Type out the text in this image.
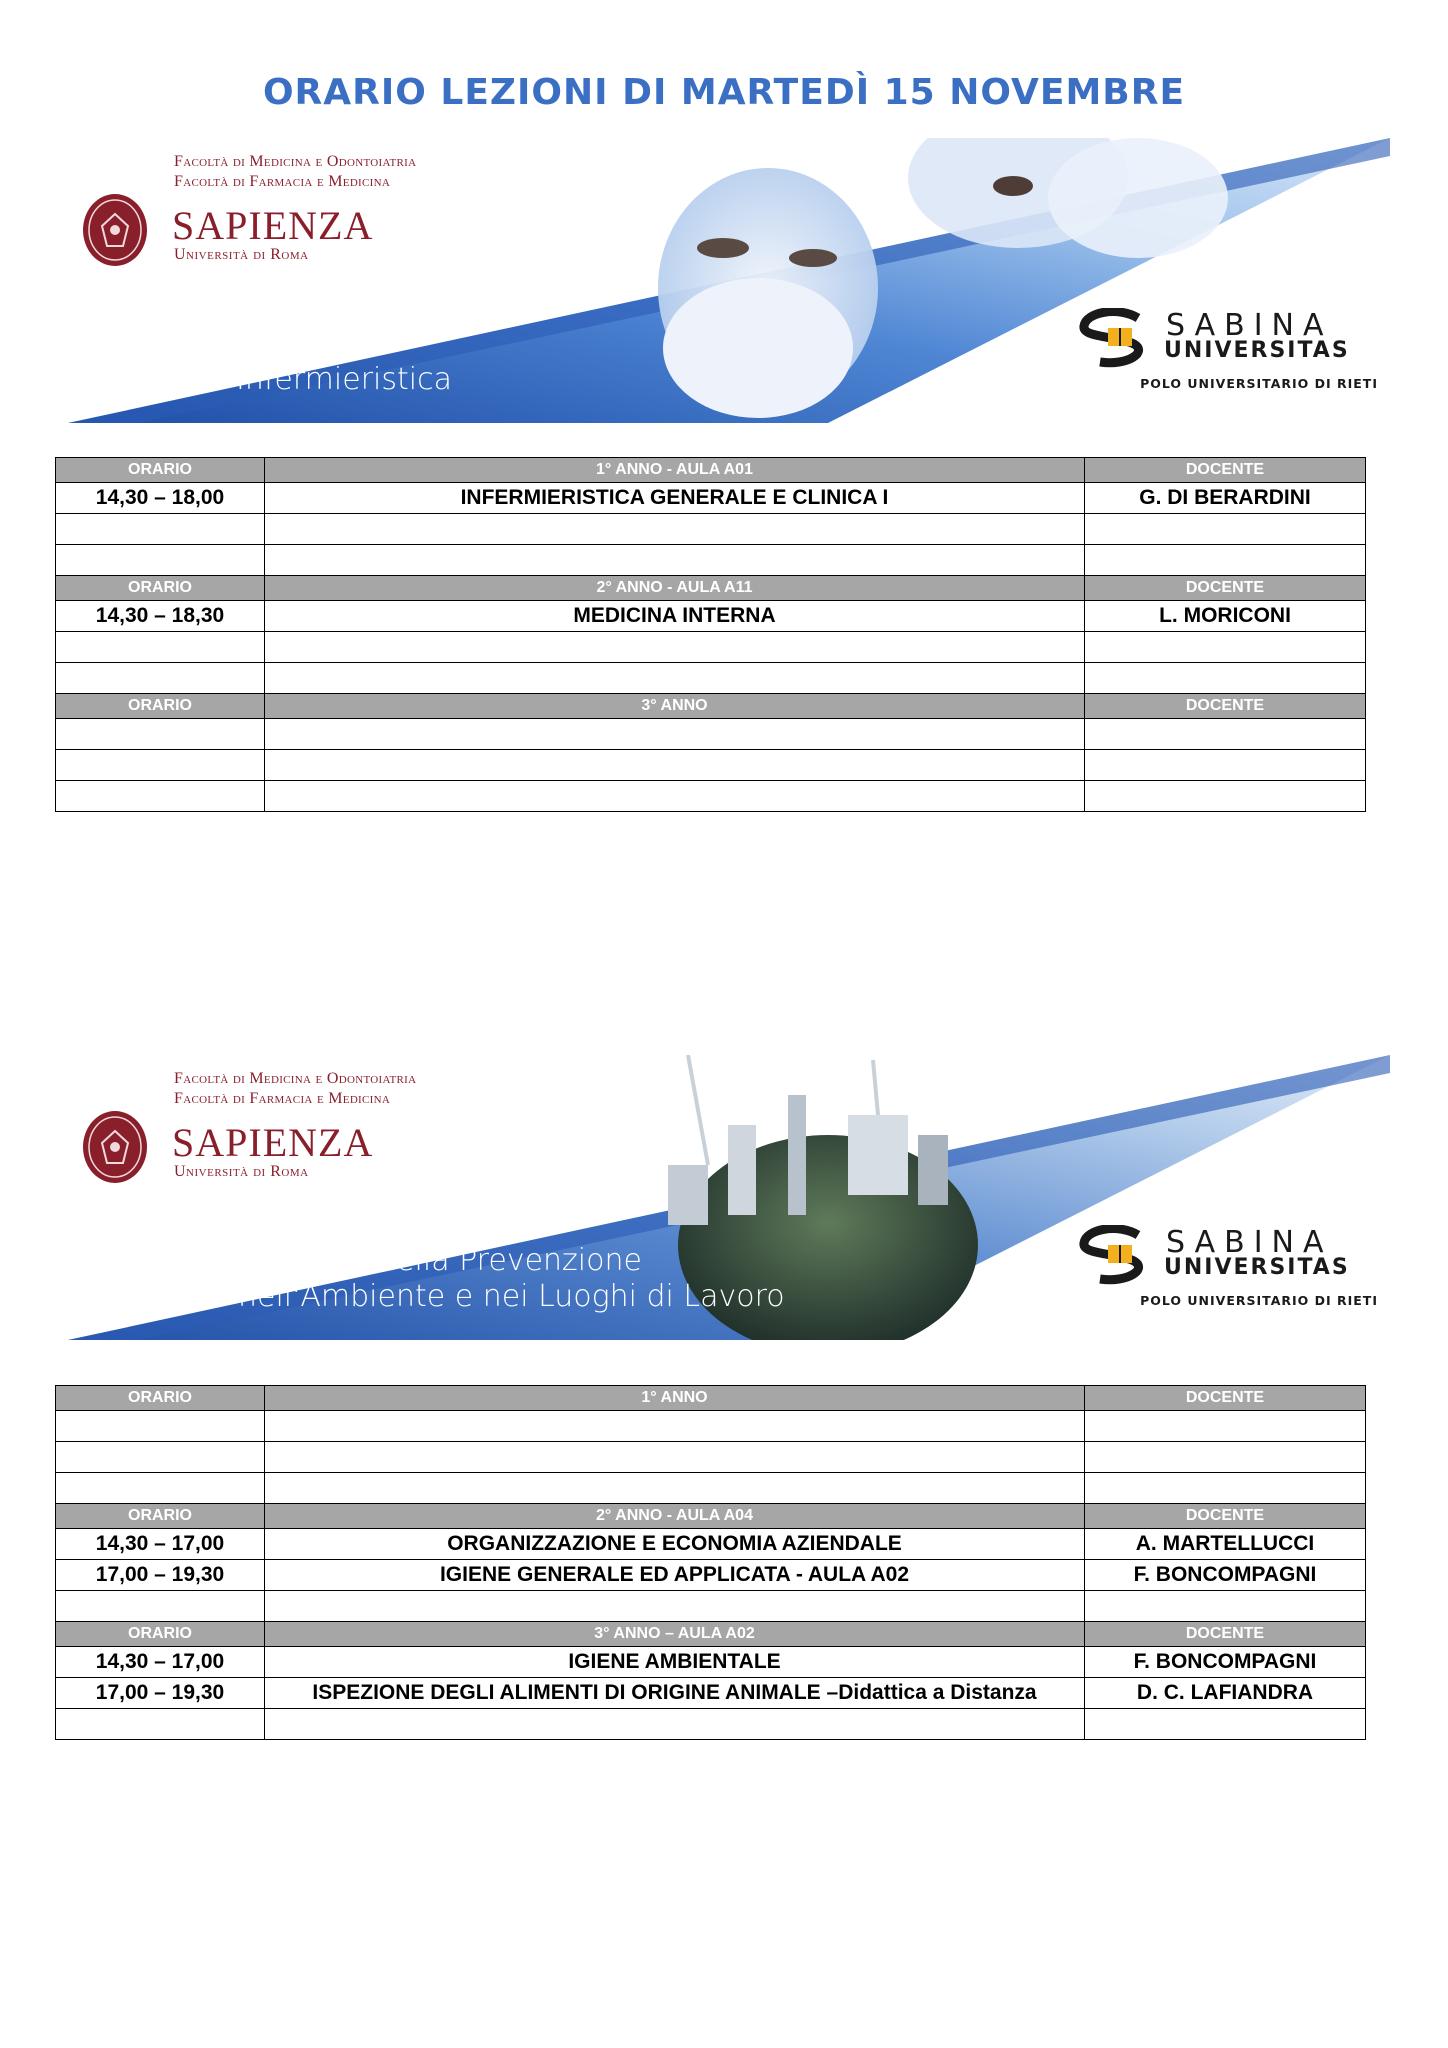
ORARIO LEZIONI DI MARTEDÌ 15 NOVEMBRE
Facoltà di Medicina e Odontoiatria
Facoltà di Farmacia e Medicina
SAPIENZA
Università di Roma
Infermieristica
SABINA
UNIVERSITAS
POLO UNIVERSITARIO DI RIETI
ORARIO	1° ANNO - AULA A01	DOCENTE
14,30 – 18,00	INFERMIERISTICA GENERALE E CLINICA I	G. DI BERARDINI

ORARIO	2° ANNO - AULA A11	DOCENTE
14,30 – 18,30	MEDICINA INTERNA	L. MORICONI

ORARIO	3° ANNO	DOCENTE

Facoltà di Medicina e Odontoiatria
Facoltà di Farmacia e Medicina
SAPIENZA
Università di Roma
Tecniche della Prevenzione
nell'Ambiente e nei Luoghi di Lavoro
SABINA
UNIVERSITAS
POLO UNIVERSITARIO DI RIETI
ORARIO	1° ANNO	DOCENTE

ORARIO	2° ANNO - AULA A04	DOCENTE
14,30 – 17,00	ORGANIZZAZIONE E ECONOMIA AZIENDALE	A. MARTELLUCCI
17,00 – 19,30	IGIENE GENERALE ED APPLICATA - AULA A02	F. BONCOMPAGNI

ORARIO	3° ANNO – AULA A02	DOCENTE
14,30 – 17,00	IGIENE AMBIENTALE	F. BONCOMPAGNI
17,00 – 19,30	ISPEZIONE DEGLI ALIMENTI DI ORIGINE ANIMALE –Didattica a Distanza	D. C. LAFIANDRA
